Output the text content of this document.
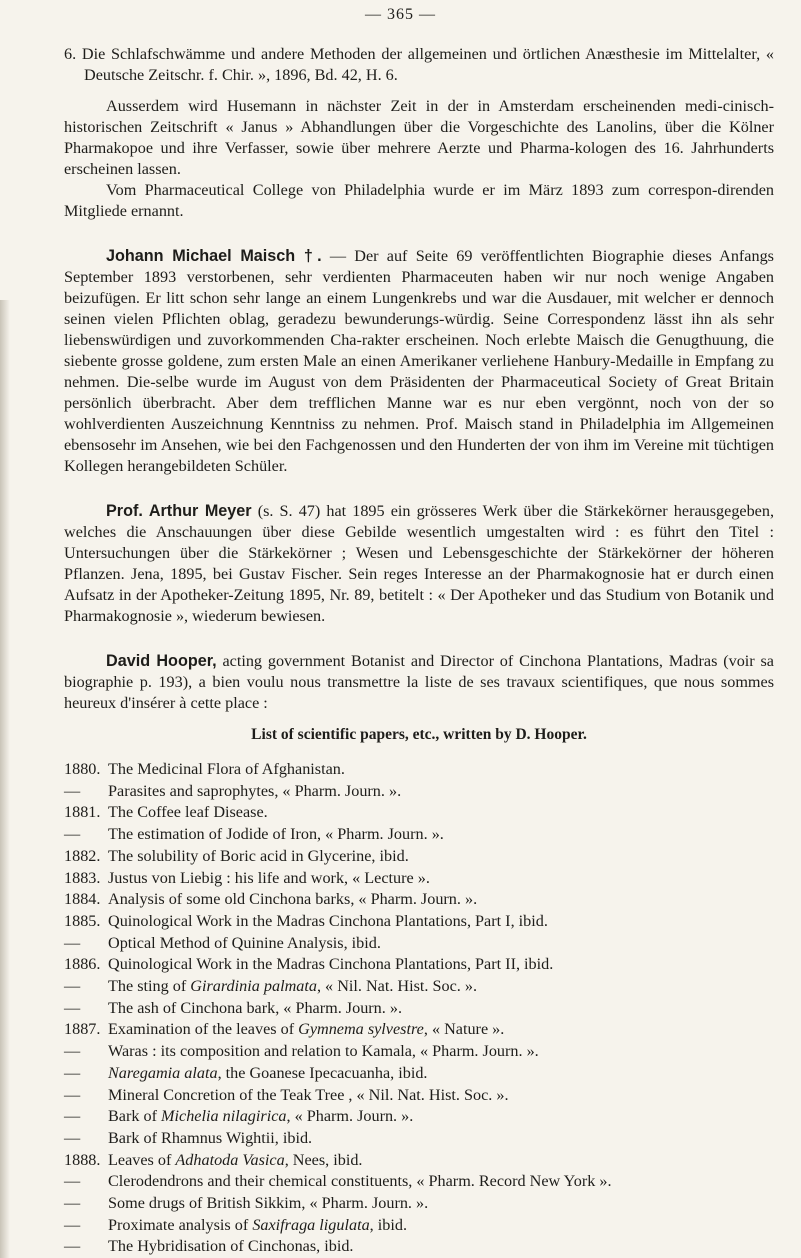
— 365 —

6. Die Schlafschwämme und andere Methoden der allgemeinen und örtlichen Anæsthesie im Mittelalter, « Deutsche Zeitschr. f. Chir. », 1896, Bd. 42, H. 6.

Ausserdem wird Husemann in nächster Zeit in der in Amsterdam erscheinenden medi-cinisch-historischen Zeitschrift « Janus » Abhandlungen über die Vorgeschichte des Lanolins, über die Kölner Pharmakopoe und ihre Verfasser, sowie über mehrere Aerzte und Pharma-kologen des 16. Jahrhunderts erscheinen lassen.

Vom Pharmaceutical College von Philadelphia wurde er im März 1893 zum correspon-direnden Mitgliede ernannt.

Johann Michael Maisch †. — Der auf Seite 69 veröffentlichten Biographie dieses Anfangs September 1893 verstorbenen, sehr verdienten Pharmaceuten haben wir nur noch wenige Angaben beizufügen. Er litt schon sehr lange an einem Lungenkrebs und war die Ausdauer, mit welcher er dennoch seinen vielen Pflichten oblag, geradezu bewunderungs-würdig. Seine Correspondenz lässt ihn als sehr liebenswürdigen und zuvorkommenden Cha-rakter erscheinen. Noch erlebte Maisch die Genugthuung, die siebente grosse goldene, zum ersten Male an einen Amerikaner verliehene Hanbury-Medaille in Empfang zu nehmen. Die-selbe wurde im August von dem Präsidenten der Pharmaceutical Society of Great Britain persönlich überbracht. Aber dem trefflichen Manne war es nur eben vergönnt, noch von der so wohlverdienten Auszeichnung Kenntniss zu nehmen. Prof. Maisch stand in Philadelphia im Allgemeinen ebensosehr im Ansehen, wie bei den Fachgenossen und den Hunderten der von ihm im Vereine mit tüchtigen Kollegen herangebildeten Schüler.

Prof. Arthur Meyer (s. S. 47) hat 1895 ein grösseres Werk über die Stärkekörner herausgegeben, welches die Anschauungen über diese Gebilde wesentlich umgestalten wird : es führt den Titel : Untersuchungen über die Stärkekörner ; Wesen und Lebensgeschichte der Stärkekörner der höheren Pflanzen. Jena, 1895, bei Gustav Fischer. Sein reges Interesse an der Pharmakognosie hat er durch einen Aufsatz in der Apotheker-Zeitung 1895, Nr. 89, betitelt : « Der Apotheker und das Studium von Botanik und Pharmakognosie », wiederum bewiesen.

David Hooper, acting government Botanist and Director of Cinchona Plantations, Madras (voir sa biographie p. 193), a bien voulu nous transmettre la liste de ses travaux scientifiques, que nous sommes heureux d'insérer à cette place :

List of scientific papers, etc., written by D. Hooper.
1880. The Medicinal Flora of Afghanistan.
—	Parasites and saprophytes, « Pharm. Journ. ».
1881. The Coffee leaf Disease.
—	The estimation of Jodide of Iron, « Pharm. Journ. ».
1882. The solubility of Boric acid in Glycerine, ibid.
1883. Justus von Liebig : his life and work, « Lecture ».
1884. Analysis of some old Cinchona barks, « Pharm. Journ. ».
1885. Quinological Work in the Madras Cinchona Plantations, Part I, ibid.
—	Optical Method of Quinine Analysis, ibid.
1886. Quinological Work in the Madras Cinchona Plantations, Part II, ibid.
—	The sting of Girardinia palmata, « Nil. Nat. Hist. Soc. ».
—	The ash of Cinchona bark, « Pharm. Journ. ».
1887. Examination of the leaves of Gymnema sylvestre, « Nature ».
—	Waras : its composition and relation to Kamala, « Pharm. Journ. ».
—	Naregamia alata, the Goanese Ipecacuanha, ibid.
—	Mineral Concretion of the Teak Tree , « Nil. Nat. Hist. Soc. ».
—	Bark of Michelia nilagirica, « Pharm. Journ. ».
—	Bark of Rhamnus Wightii, ibid.
1888. Leaves of Adhatoda Vasica, Nees, ibid.
—	Clerodendrons and their chemical constituents, « Pharm. Record New York ».
—	Some drugs of British Sikkim, « Pharm. Journ. ».
—	Proximate analysis of Saxifraga ligulata, ibid.
—	The Hybridisation of Cinchonas, ibid.
